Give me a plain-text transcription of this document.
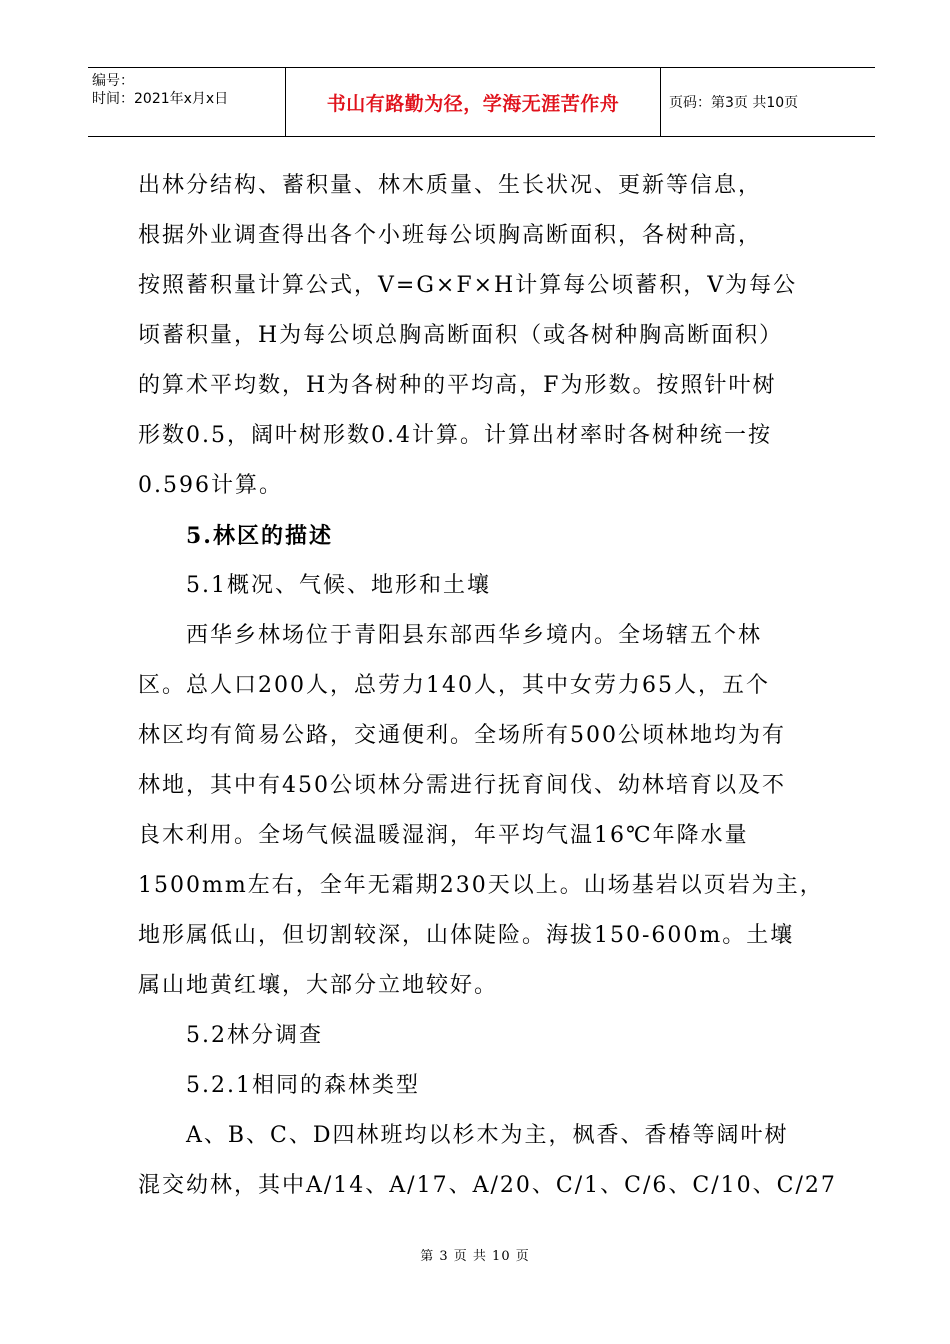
编号：
时间：2021年x月x日	书山有路勤为径，学海无涯苦作舟	页码：第3页 共10页
出林分结构、蓄积量、林木质量、生长状况、更新等信息，
根据外业调查得出各个小班每公顷胸高断面积，各树种高，
按照蓄积量计算公式，V=G×F×H计算每公顷蓄积，V为每公
顷蓄积量，H为每公顷总胸高断面积（或各树种胸高断面积）
的算术平均数，H为各树种的平均高，F为形数。按照针叶树
形数0.5，阔叶树形数0.4计算。计算出材率时各树种统一按
0.596计算。
5.林区的描述
5.1概况、气候、地形和土壤
西华乡林场位于青阳县东部西华乡境内。全场辖五个林
区。总人口200人，总劳力140人，其中女劳力65人，五个
林区均有简易公路，交通便利。全场所有500公顷林地均为有
林地，其中有450公顷林分需进行抚育间伐、幼林培育以及不
良木利用。全场气候温暖湿润，年平均气温16℃年降水量
1500mm左右，全年无霜期230天以上。山场基岩以页岩为主，
地形属低山，但切割较深，山体陡险。海拔150-600m。土壤
属山地黄红壤，大部分立地较好。
5.2林分调查
5.2.1相同的森林类型
A、B、C、D四林班均以杉木为主，枫香、香椿等阔叶树
混交幼林，其中A/14、A/17、A/20、C/1、C/6、C/10、C/27
第 3 页 共 10 页
